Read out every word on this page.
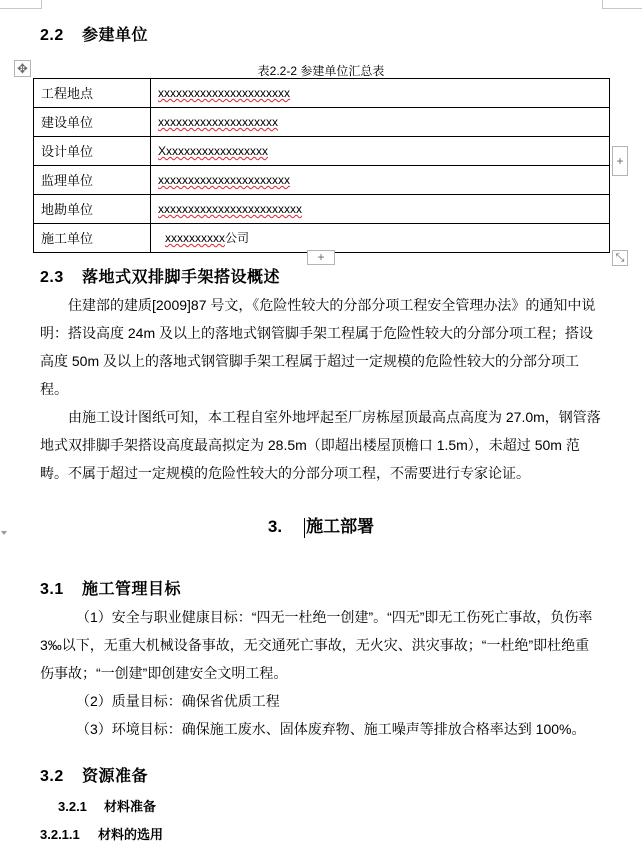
2.2 参建单位
✥	表2.2-2 参建单位汇总表
工程地点	xxxxxxxxxxxxxxxxxxxxxx
建设单位	xxxxxxxxxxxxxxxxxxxx
设计单位	Xxxxxxxxxxxxxxxxxx
监理单位	xxxxxxxxxxxxxxxxxxxxxx
地勘单位	xxxxxxxxxxxxxxxxxxxxxxxx
施工单位	xxxxxxxxxx公司
+
+	⤡
2.3 落地式双排脚手架搭设概述
住建部的建质[2009]87 号文，《危险性较大的分部分项工程安全管理办法》的通知中说明：搭设高度 24m 及以上的落地式钢管脚手架工程属于危险性较大的分部分项工程；搭设高度 50m 及以上的落地式钢管脚手架工程属于超过一定规模的危险性较大的分部分项工程。
由施工设计图纸可知，本工程自室外地坪起至厂房栋屋顶最高点高度为 27.0m，钢管落地式双排脚手架搭设高度最高拟定为 28.5m（即超出楼屋顶檐口 1.5m），未超过 50m 范畴。不属于超过一定规模的危险性较大的分部分项工程，不需要进行专家论证。
3. 施工部署
3.1 施工管理目标
（1）安全与职业健康目标：“四无一杜绝一创建”。“四无”即无工伤死亡事故，负伤率 3‰以下，无重大机械设备事故，无交通死亡事故，无火灾、洪灾事故；“一杜绝”即杜绝重伤事故；“一创建”即创建安全文明工程。
（2）质量目标：确保省优质工程
（3）环境目标：确保施工废水、固体废弃物、施工噪声等排放合格率达到 100%。
3.2 资源准备
3.2.1 材料准备
3.2.1.1 材料的选用
